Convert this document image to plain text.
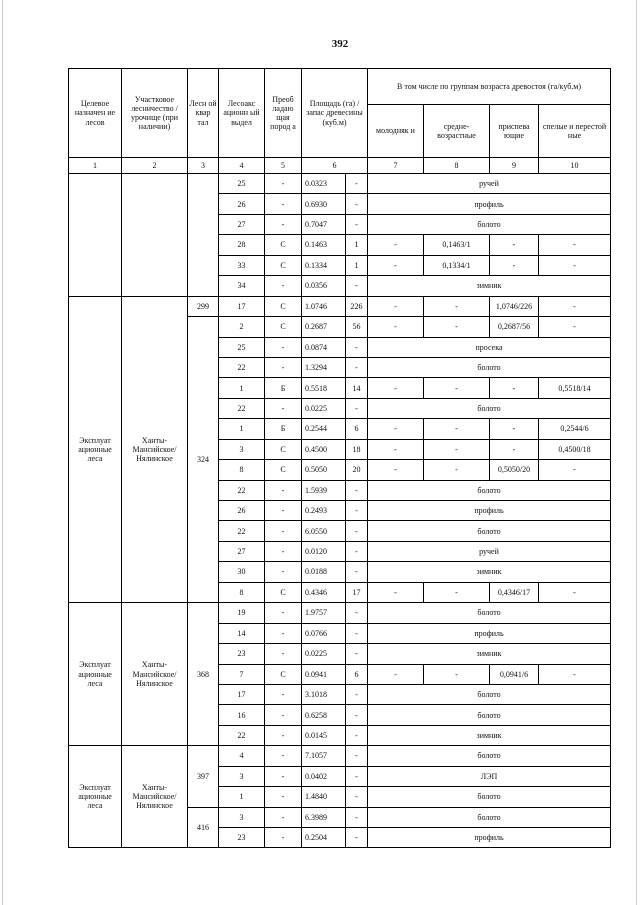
392
Целевое назначен ие лесов	Участковое лесничество /урочище (при наличии)	Лесн ой квар тал	Лесоакс ационн ый выдел	Преоб ладаю щая пород а	Площадь (га) /запас древесины (куб.м)		В том числе по группам возраста древостоя (га/куб.м)			
							молодняк и	средне- возрастные	приспева ющие	спелые и перестой ные
1	2	3	4	5	6		7	8	9	10
			25	-	0.0323	-	ручей			
			26	-	0.6930	-	профиль			
			27	-	0.7047	-	болото			
			28	С	0.1463	1	-	0,1463/1	-	-
			33	С	0.1334	1	-	0,1334/1	-	-
			34	-	0.0356	-	зимник			
Эксплуат ационные леса	Ханты-Мансийское/ Нялинское	299	17	С	1.0746	226	-	-	1,0746/226	-
		324	2	С	0.2687	56	-	-	0,2687/56	-
			25	-	0.0874	-	просека			
			22	-	1.3294	-	болото			
			1	Б	0.5518	14	-	-	-	0,5518/14
			22	-	0.0225	-	болото			
			1	Б	0.2544	6	-	-	-	0,2544/6
			3	С	0.4500	18	-	-	-	0,4500/18
			8	С	0.5050	20	-	-	0,5050/20	-
			22	-	1.5939	-	болото			
			26	-	0.2493	-	профиль			
			22	-	6.0550	-	болото			
			27	-	0.0120	-	ручей			
			30	-	0.0188	-	зимник			
			8	С	0.4346	17	-	-	0,4346/17	-
Эксплуат ационные леса	Ханты-Мансийское/ Нялинское	368	19	-	1.9757	-	болото			
			14	-	0.0766	-	профиль			
			23	-	0.0225	-	зимник			
			7	С	0.0941	6	-	-	0,0941/6	-
			17	-	3.1018	-	болото			
			16	-	0.6258	-	болото			
			22	-	0.0145	-	зимник			
Эксплуат ационные леса	Ханты-Мансийское/ Нялинское	397	4	-	7.1057	-	болото			
			3	-	0.0402	-	ЛЭП			
			1	-	1.4840	-	болото			
		416	3	-	6.3989	-	болото			
			23	-	0.2504	-	профиль			
